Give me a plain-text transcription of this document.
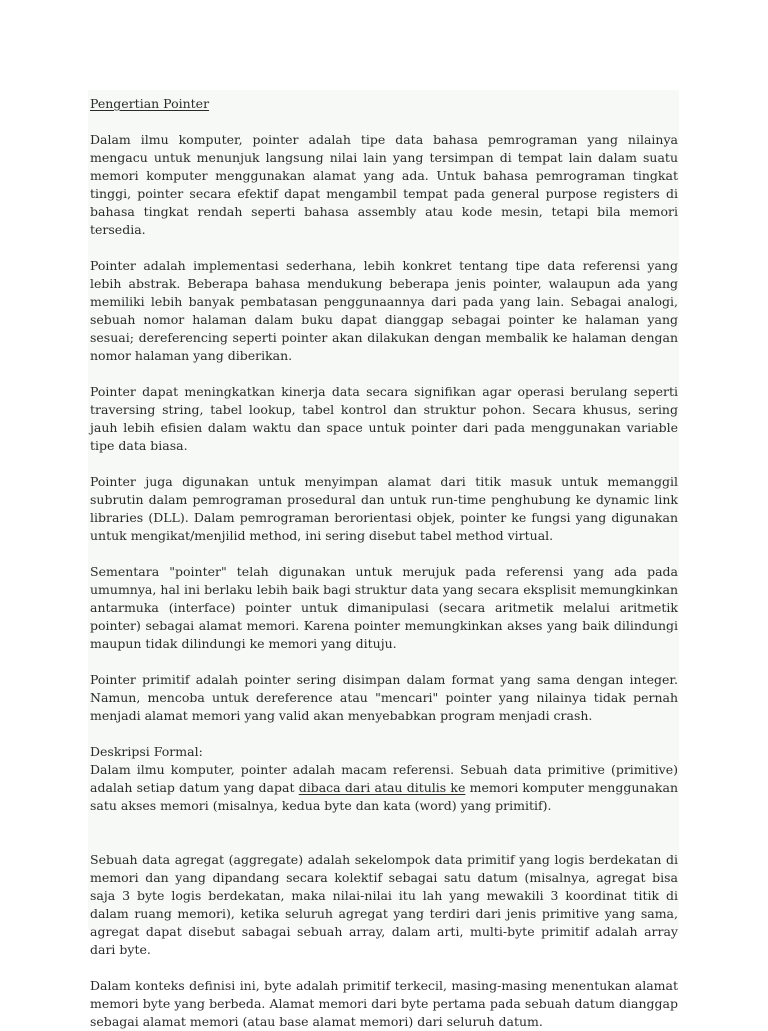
Pengertian Pointer

Dalam ilmu komputer, pointer adalah tipe data bahasa pemrograman yang nilainya mengacu untuk menunjuk langsung nilai lain yang tersimpan di tempat lain dalam suatu memori komputer menggunakan alamat yang ada. Untuk bahasa pemrograman tingkat tinggi, pointer secara efektif dapat mengambil tempat pada general purpose registers di bahasa tingkat rendah seperti bahasa assembly atau kode mesin, tetapi bila memori tersedia.

Pointer adalah implementasi sederhana, lebih konkret tentang tipe data referensi yang lebih abstrak. Beberapa bahasa mendukung beberapa jenis pointer, walaupun ada yang memiliki lebih banyak pembatasan penggunaannya dari pada yang lain. Sebagai analogi, sebuah nomor halaman dalam buku dapat dianggap sebagai pointer ke halaman yang sesuai; dereferencing seperti pointer akan dilakukan dengan membalik ke halaman dengan nomor halaman yang diberikan.

Pointer dapat meningkatkan kinerja data secara signifikan agar operasi berulang seperti traversing string, tabel lookup, tabel kontrol dan struktur pohon. Secara khusus, sering jauh lebih efisien dalam waktu dan space untuk pointer dari pada menggunakan variable tipe data biasa.

Pointer juga digunakan untuk menyimpan alamat dari titik masuk untuk memanggil subrutin dalam pemrograman prosedural dan untuk run-time penghubung ke dynamic link libraries (DLL). Dalam pemrograman berorientasi objek, pointer ke fungsi yang digunakan untuk mengikat/menjilid method, ini sering disebut tabel method virtual.

Sementara "pointer" telah digunakan untuk merujuk pada referensi yang ada pada umumnya, hal ini berlaku lebih baik bagi struktur data yang secara eksplisit memungkinkan antarmuka (interface) pointer untuk dimanipulasi (secara aritmetik melalui aritmetik pointer) sebagai alamat memori. Karena pointer memungkinkan akses yang baik dilindungi maupun tidak dilindungi ke memori yang dituju.

Pointer primitif adalah pointer sering disimpan dalam format yang sama dengan integer. Namun, mencoba untuk dereference atau "mencari" pointer yang nilainya tidak pernah menjadi alamat memori yang valid akan menyebabkan program menjadi crash.

Deskripsi Formal:
Dalam ilmu komputer, pointer adalah macam referensi. Sebuah data primitive (primitive) adalah setiap datum yang dapat dibaca dari atau ditulis ke memori komputer menggunakan satu akses memori (misalnya, kedua byte dan kata (word) yang primitif).

Sebuah data agregat (aggregate) adalah sekelompok data primitif yang logis berdekatan di memori dan yang dipandang secara kolektif sebagai satu datum (misalnya, agregat bisa saja 3 byte logis berdekatan, maka nilai-nilai itu lah yang mewakili 3 koordinat titik di dalam ruang memori), ketika seluruh agregat yang terdiri dari jenis primitive yang sama, agregat dapat disebut sabagai sebuah array, dalam arti, multi-byte primitif adalah array dari byte.

Dalam konteks definisi ini, byte adalah primitif terkecil, masing-masing menentukan alamat memori byte yang berbeda. Alamat memori dari byte pertama pada sebuah datum dianggap sebagai alamat memori (atau base alamat memori) dari seluruh datum.
